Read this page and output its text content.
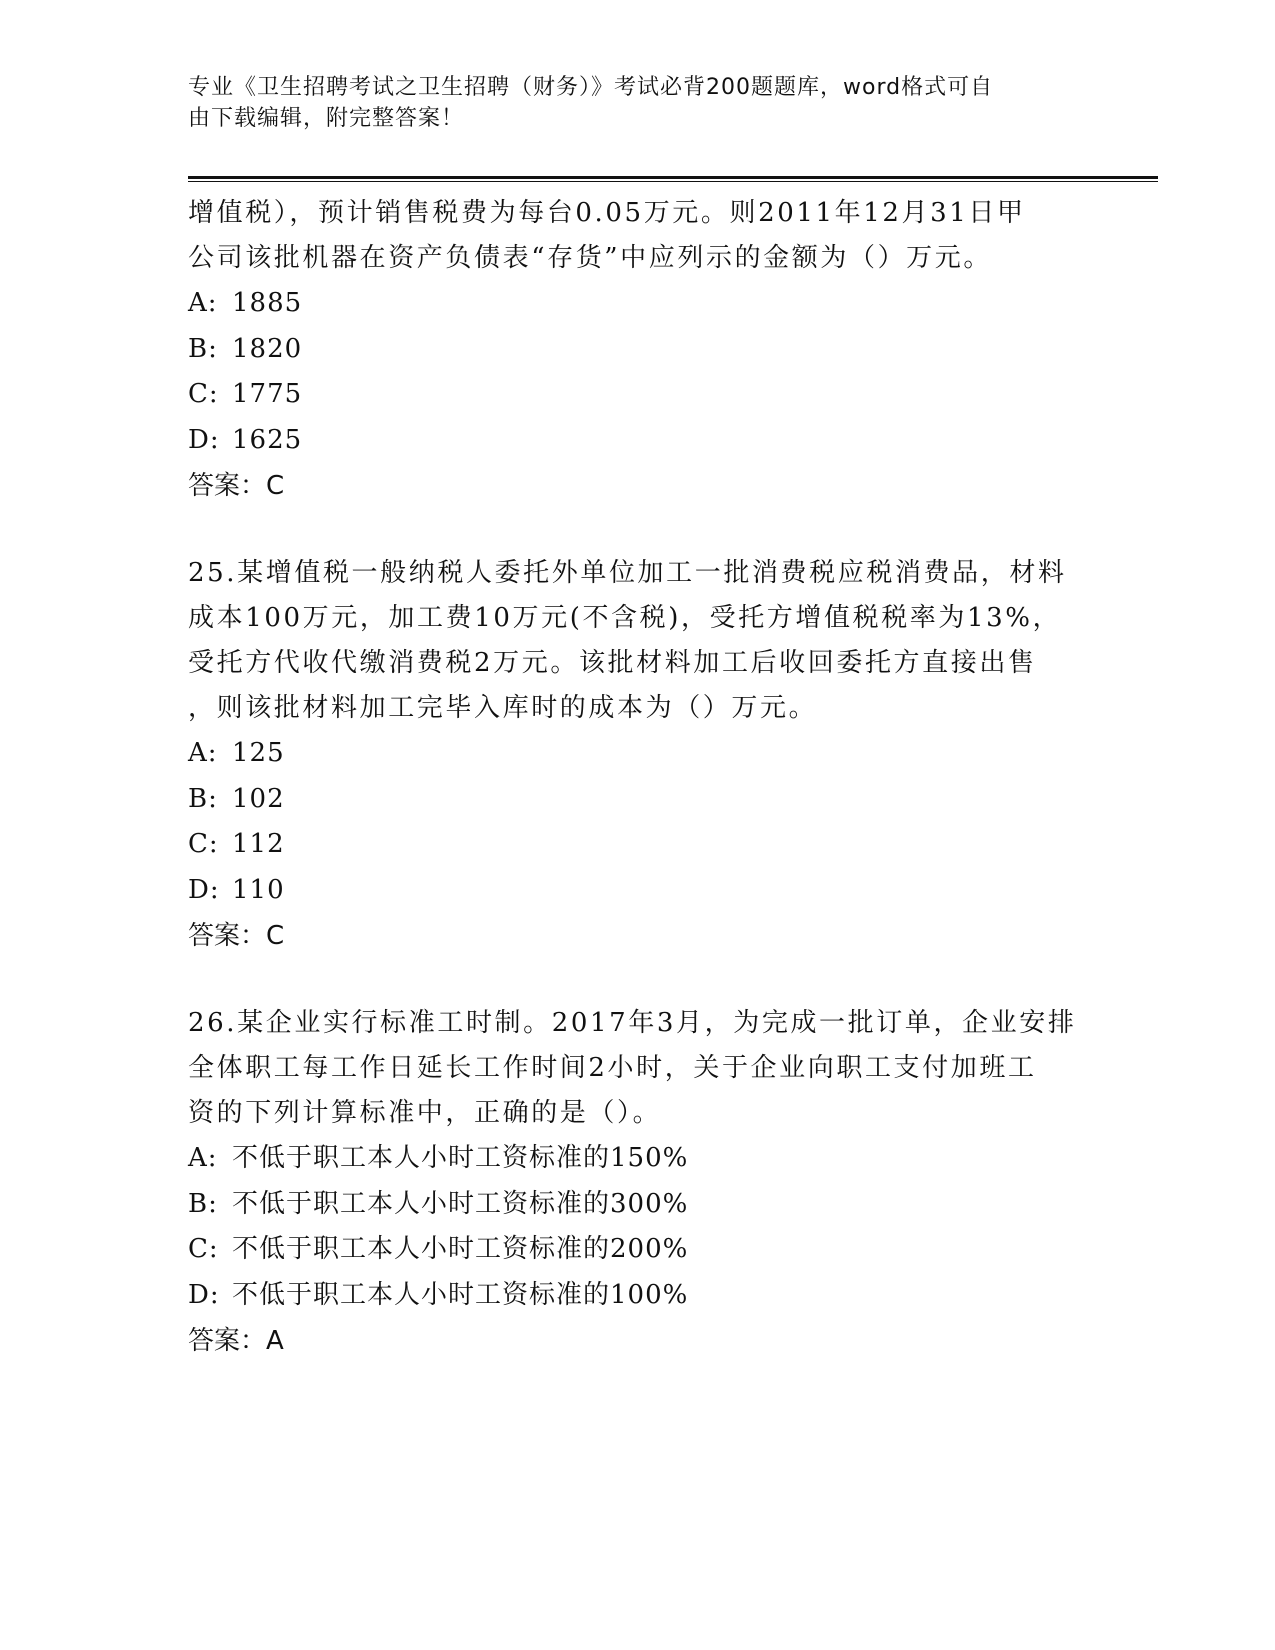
专业《卫生招聘考试之卫生招聘（财务）》考试必背200题题库，word格式可自
由下载编辑，附完整答案！

增值税），预计销售税费为每台0.05万元。则2011年12月31日甲

公司该批机器在资产负债表“存货”中应列示的金额为（）万元。

A: 1885

B: 1820

C: 1775

D: 1625

答案：C

25.某增值税一般纳税人委托外单位加工一批消费税应税消费品，材料

成本100万元，加工费10万元(不含税)，受托方增值税税率为13%，

受托方代收代缴消费税2万元。该批材料加工后收回委托方直接出售

，则该批材料加工完毕入库时的成本为（）万元。

A: 125

B: 102

C: 112

D: 110

答案：C

26.某企业实行标准工时制。2017年3月，为完成一批订单，企业安排

全体职工每工作日延长工作时间2小时，关于企业向职工支付加班工

资的下列计算标准中，正确的是（）。

A: 不低于职工本人小时工资标准的150%

B: 不低于职工本人小时工资标准的300%

C: 不低于职工本人小时工资标准的200%

D: 不低于职工本人小时工资标准的100%

答案：A
